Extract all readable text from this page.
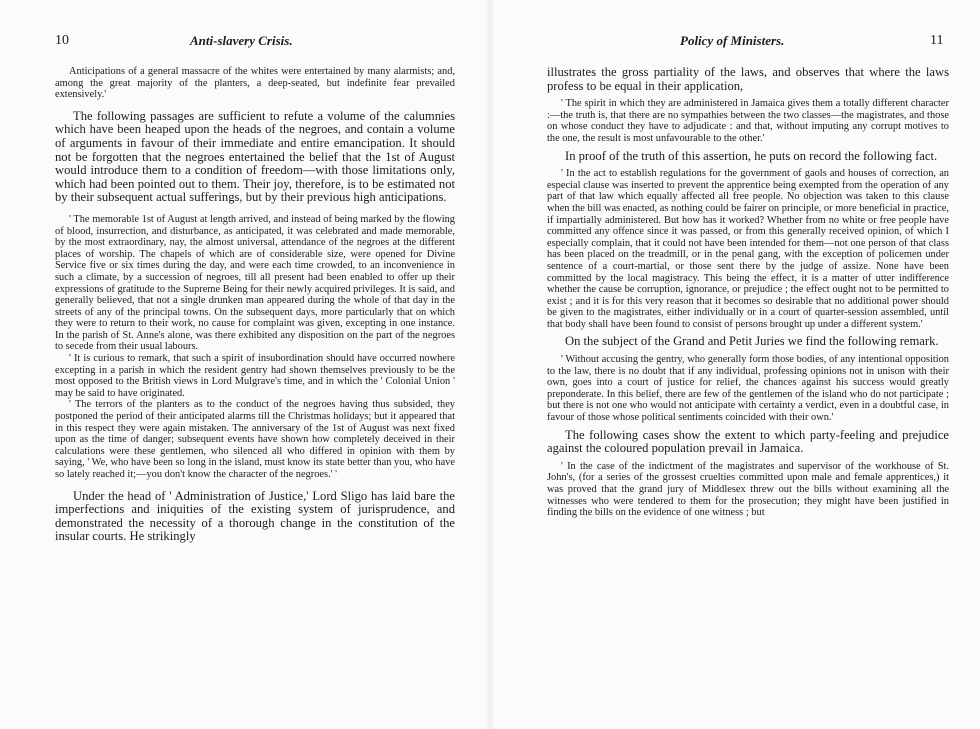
10	Anti-slavery Crisis.

Anticipations of a general massacre of the whites were entertained by many alarmists; and, among the great majority of the planters, a deep-seated, but indefinite fear prevailed extensively.'

The following passages are sufficient to refute a volume of the calumnies which have been heaped upon the heads of the negroes, and contain a volume of arguments in favour of their immediate and entire emancipation. It should not be forgotten that the negroes entertained the belief that the 1st of August would introduce them to a condition of freedom—with those limitations only, which had been pointed out to them. Their joy, therefore, is to be estimated not by their subsequent actual sufferings, but by their previous high anticipations.

' The memorable 1st of August at length arrived, and instead of being marked by the flowing of blood, insurrection, and disturbance, as anticipated, it was celebrated and made memorable, by the most extraordinary, nay, the almost universal, attendance of the negroes at the different places of worship. The chapels of which are of considerable size, were opened for Divine Service five or six times during the day, and were each time crowded, to an inconvenience in such a climate, by a succession of negroes, till all present had been enabled to offer up their expressions of gratitude to the Supreme Being for their newly acquired privileges. It is said, and generally believed, that not a single drunken man appeared during the whole of that day in the streets of any of the principal towns. On the subsequent days, more particularly that on which they were to return to their work, no cause for complaint was given, excepting in one instance. In the parish of St. Anne's alone, was there exhibited any disposition on the part of the negroes to secede from their usual labours.

' It is curious to remark, that such a spirit of insubordination should have occurred nowhere excepting in a parish in which the resident gentry had shown themselves previously to be the most opposed to the British views in Lord Mulgrave's time, and in which the ' Colonial Union ' may be said to have originated.

' The terrors of the planters as to the conduct of the negroes having thus subsided, they postponed the period of their anticipated alarms till the Christmas holidays; but it appeared that in this respect they were again mistaken. The anniversary of the 1st of August was next fixed upon as the time of danger; subsequent events have shown how completely deceived in their calculations were these gentlemen, who silenced all who differed in opinion with them by saying, ' We, who have been so long in the island, must know its state better than you, who have so lately reached it;—you don't know the character of the negroes.' '

Under the head of ' Administration of Justice,' Lord Sligo has laid bare the imperfections and iniquities of the existing system of jurisprudence, and demonstrated the necessity of a thorough change in the constitution of the insular courts. He strikingly

Policy of Ministers.	11

illustrates the gross partiality of the laws, and observes that where the laws profess to be equal in their application,

' The spirit in which they are administered in Jamaica gives them a totally different character :—the truth is, that there are no sympathies between the two classes—the magistrates, and those on whose conduct they have to adjudicate : and that, without imputing any corrupt motives to the one, the result is most unfavourable to the other.'

In proof of the truth of this assertion, he puts on record the following fact.

' In the act to establish regulations for the government of gaols and houses of correction, an especial clause was inserted to prevent the apprentice being exempted from the operation of any part of that law which equally affected all free people. No objection was taken to this clause when the bill was enacted, as nothing could be fairer on principle, or more beneficial in practice, if impartially administered. But how has it worked? Whether from no white or free people have committed any offence since it was passed, or from this generally received opinion, of which I especially complain, that it could not have been intended for them—not one person of that class has been placed on the treadmill, or in the penal gang, with the exception of policemen under sentence of a court-martial, or those sent there by the judge of assize. None have been committed by the local magistracy. This being the effect, it is a matter of utter indifference whether the cause be corruption, ignorance, or prejudice ; the effect ought not to be permitted to exist ; and it is for this very reason that it becomes so desirable that no additional power should be given to the magistrates, either individually or in a court of quarter-session assembled, until that body shall have been found to consist of persons brought up under a different system.'

On the subject of the Grand and Petit Juries we find the following remark.

' Without accusing the gentry, who generally form those bodies, of any intentional opposition to the law, there is no doubt that if any individual, professing opinions not in unison with their own, goes into a court of justice for relief, the chances against his success would greatly preponderate. In this belief, there are few of the gentlemen of the island who do not participate ; but there is not one who would not anticipate with certainty a verdict, even in a doubtful case, in favour of those whose political sentiments coincided with their own.'

The following cases show the extent to which party-feeling and prejudice against the coloured population prevail in Jamaica.

' In the case of the indictment of the magistrates and supervisor of the workhouse of St. John's, (for a series of the grossest cruelties committed upon male and female apprentices,) it was proved that the grand jury of Middlesex threw out the bills without examining all the witnesses who were tendered to them for the prosecution; they might have been justified in finding the bills on the evidence of one witness ; but
